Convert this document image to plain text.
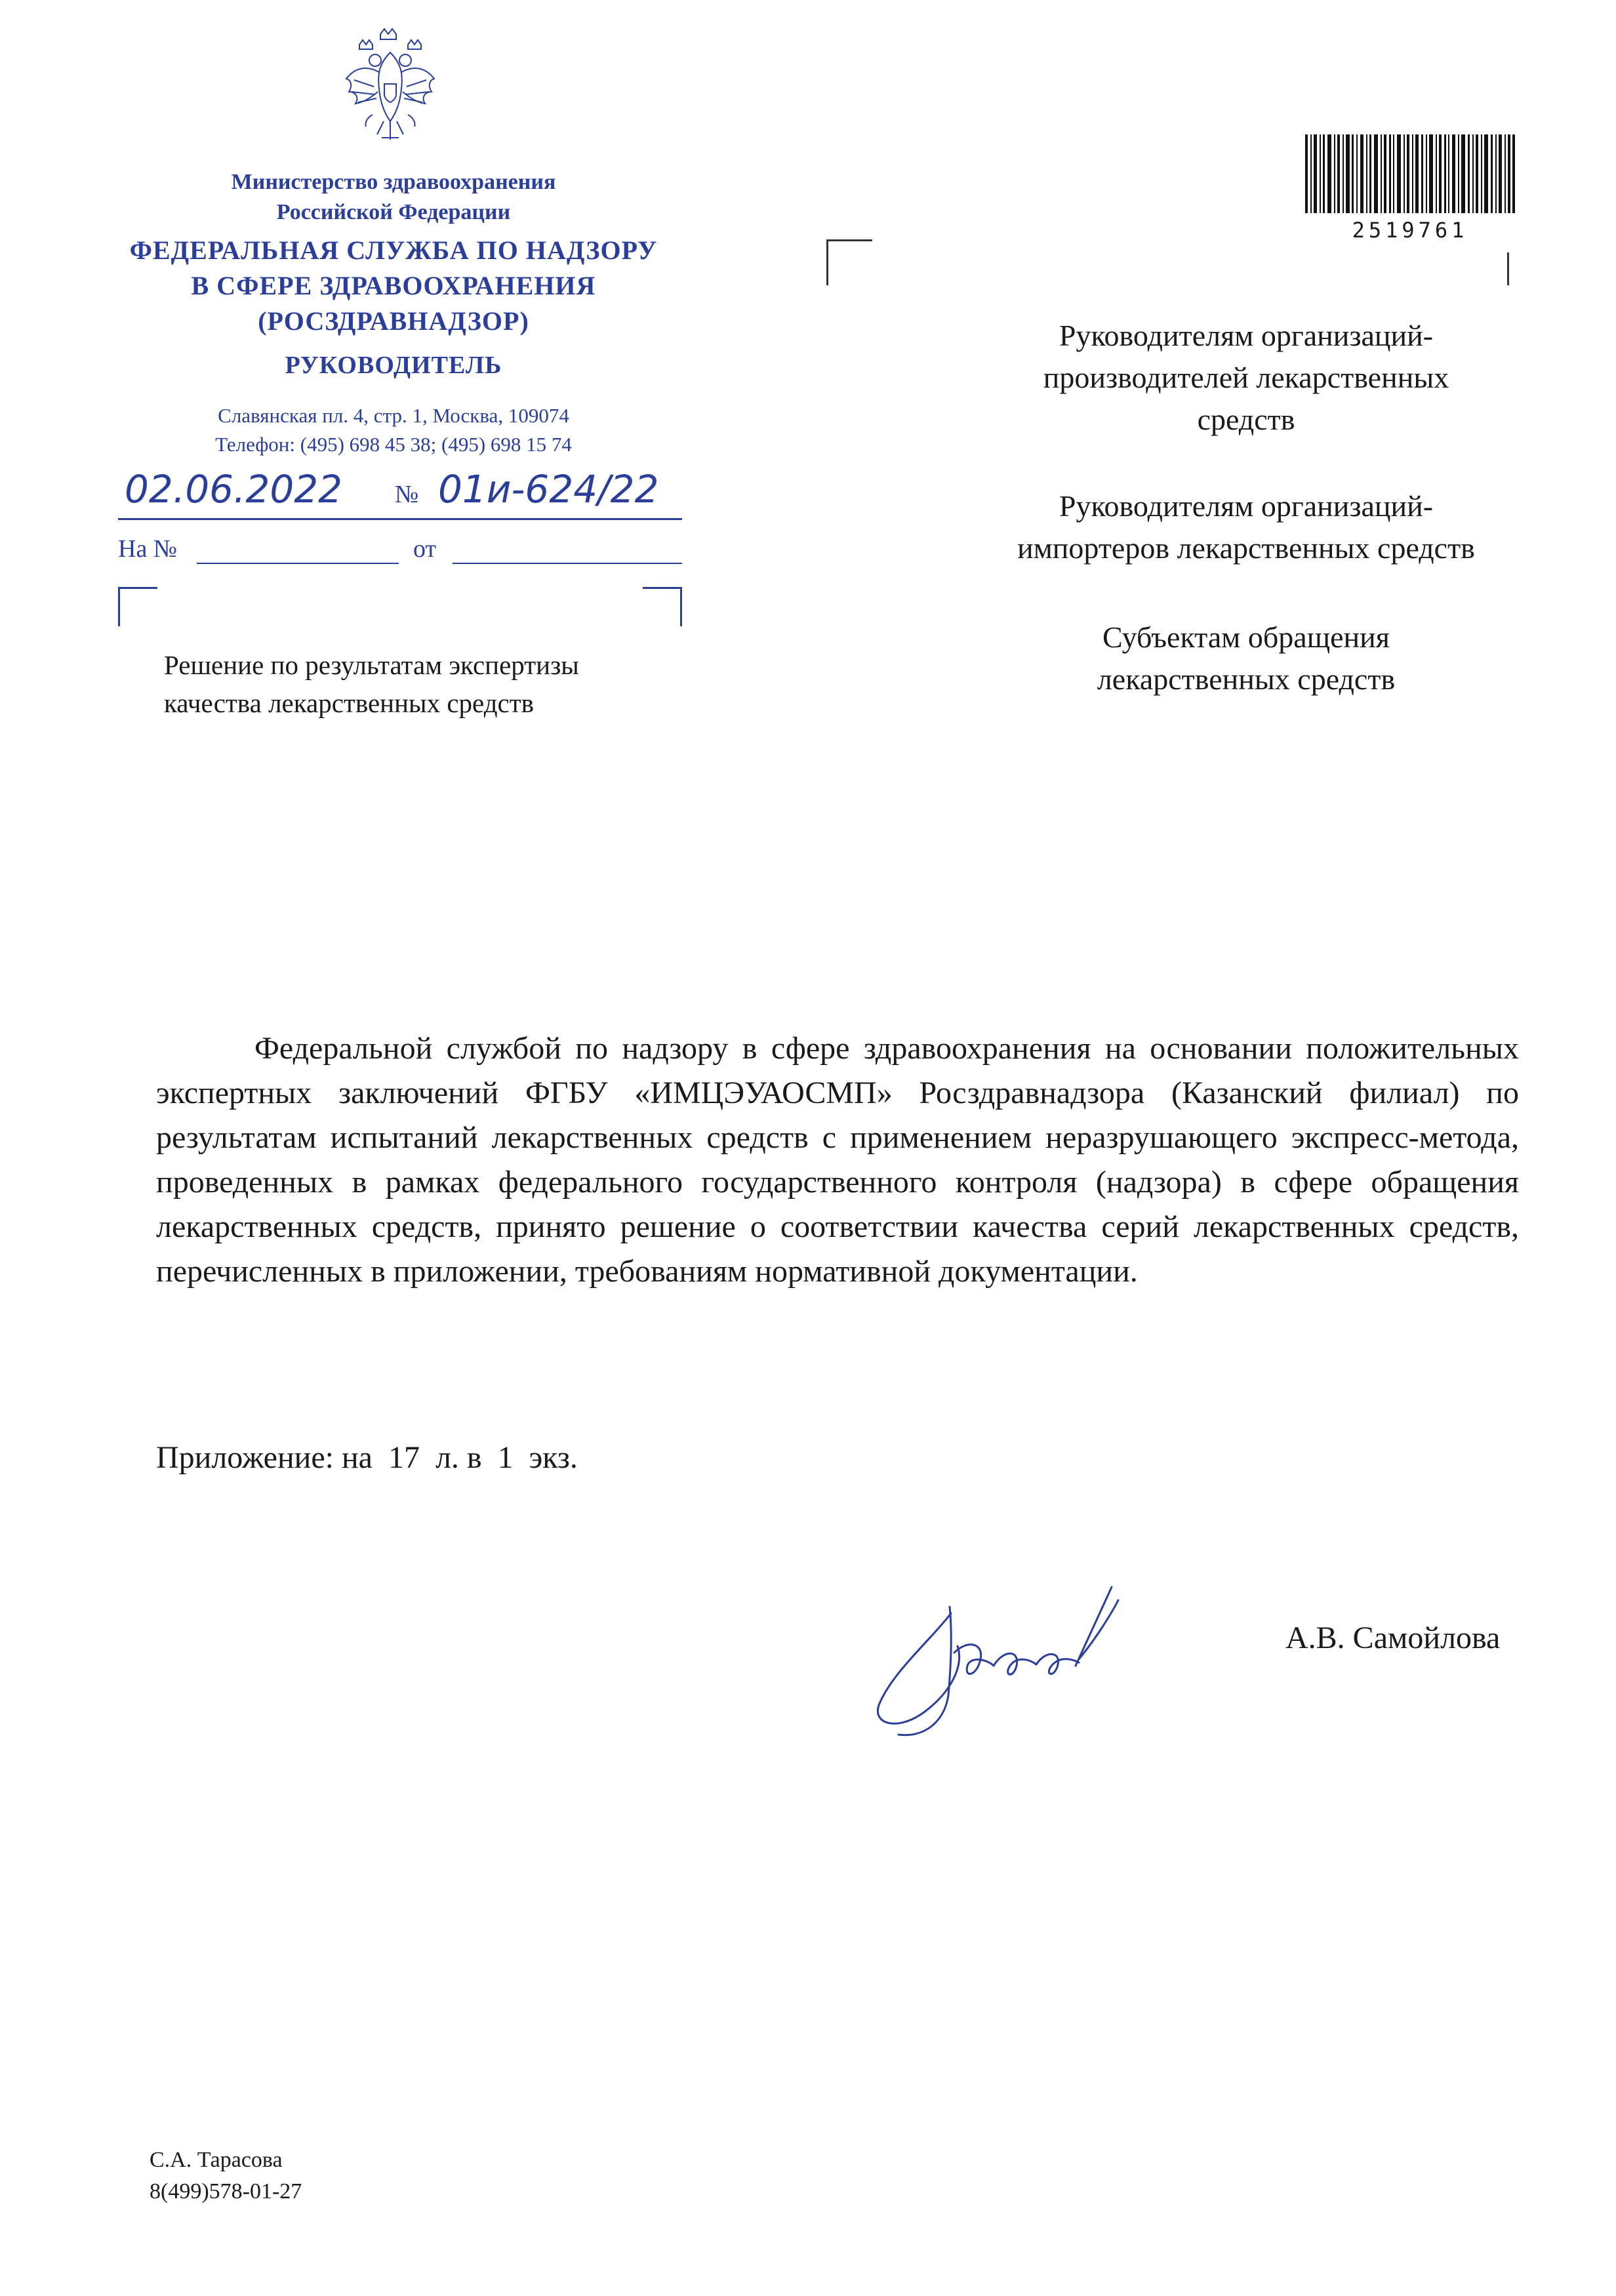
Министерство здравоохранения
Российской Федерации
ФЕДЕРАЛЬНАЯ СЛУЖБА ПО НАДЗОРУ
В СФЕРЕ ЗДРАВООХРАНЕНИЯ
(РОСЗДРАВНАДЗОР)
РУКОВОДИТЕЛЬ
Славянская пл. 4, стр. 1, Москва, 109074
Телефон: (495) 698 45 38; (495) 698 15 74
02.06.2022 № 01и-624/22
На №	от
Решение по результатам экспертизы
качества лекарственных средств
2519761
Руководителям организаций-
производителей лекарственных
средств
Руководителям организаций-
импортеров лекарственных средств
Субъектам обращения
лекарственных средств
Федеральной службой по надзору в сфере здравоохранения на основании положительных экспертных заключений ФГБУ «ИМЦЭУАОСМП» Росздравнадзора (Казанский филиал) по результатам испытаний лекарственных средств с применением неразрушающего экспресс-метода, проведенных в рамках федерального государственного контроля (надзора) в сфере обращения лекарственных средств, принято решение о соответствии качества серий лекарственных средств, перечисленных в приложении, требованиям нормативной документации.
Приложение: на  17  л. в  1  экз.
А.В. Самойлова
С.А. Тарасова
8(499)578-01-27
